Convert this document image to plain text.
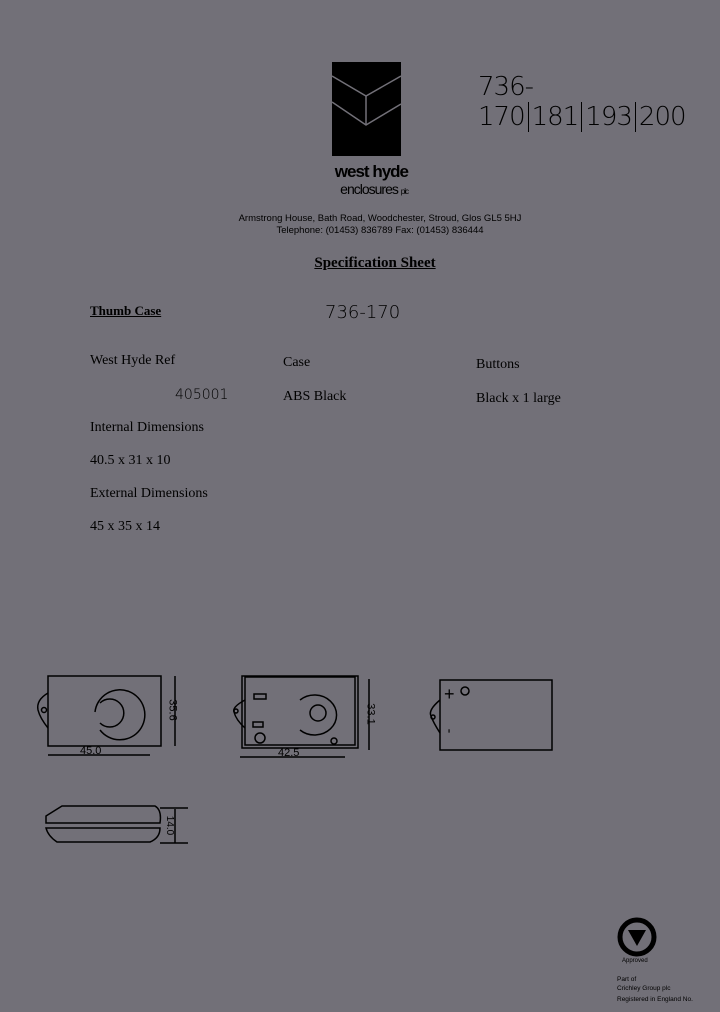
736-170 181 193 200
west hyde
enclosures plc
Armstrong House, Bath Road, Woodchester, Stroud, Glos GL5 5HJ
Telephone: (01453) 836789 Fax: (01453) 836444
Specification Sheet
Thumb Case	736-170
West Hyde Ref
405001
Case
ABS Black
Buttons
Black x 1 large
Internal Dimensions
40.5 x 31 x 10
External Dimensions
45 x 35 x 14
45.0
35.6
42.5
33.1
14.0
+
-
Approved
Part of
Crichley Group plc
Registered in England No.
